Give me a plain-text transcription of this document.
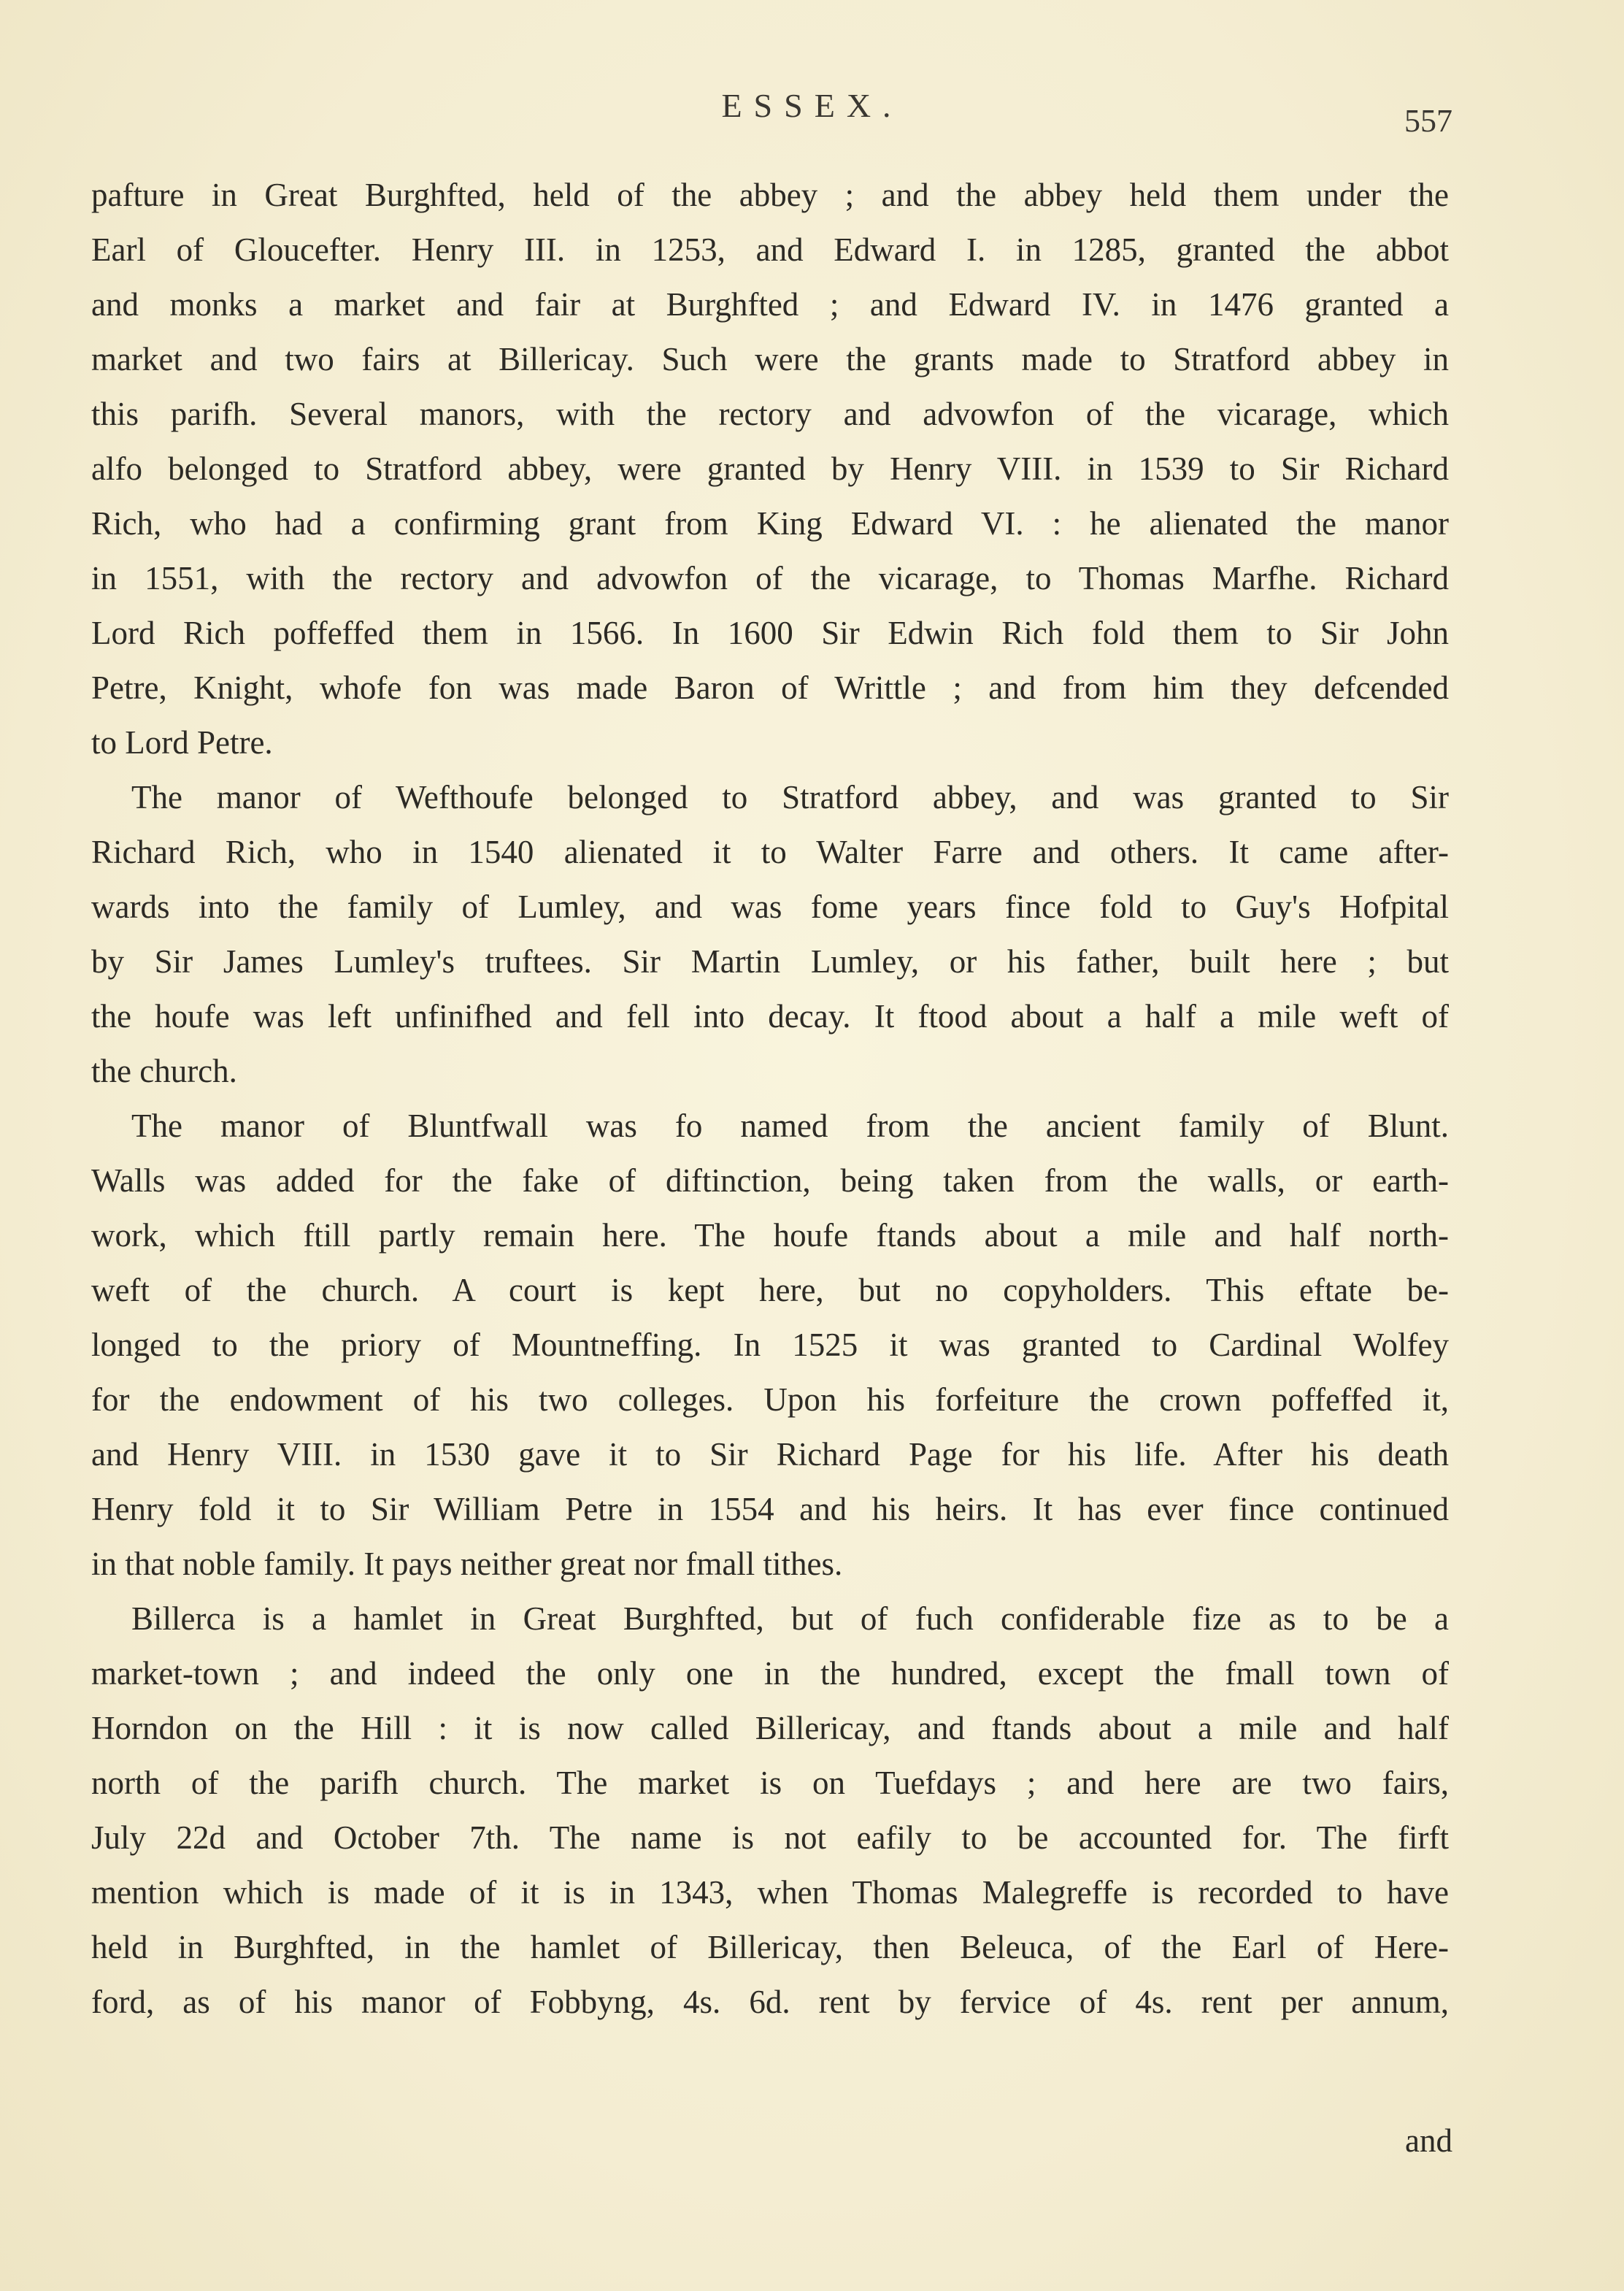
ESSEX.	557
pafture in Great Burghfted, held of the abbey ; and the abbey held them under the
Earl of Gloucefter. Henry III. in 1253, and Edward I. in 1285, granted the abbot
and monks a market and fair at Burghfted ; and Edward IV. in 1476 granted a
market and two fairs at Billericay. Such were the grants made to Stratford abbey in
this parifh. Several manors, with the rectory and advowfon of the vicarage, which
alfo belonged to Stratford abbey, were granted by Henry VIII. in 1539 to Sir Richard
Rich, who had a confirming grant from King Edward VI. : he alienated the manor
in 1551, with the rectory and advowfon of the vicarage, to Thomas Marfhe. Richard
Lord Rich poffeffed them in 1566. In 1600 Sir Edwin Rich fold them to Sir John
Petre, Knight, whofe fon was made Baron of Writtle ; and from him they defcended
to Lord Petre.
The manor of Wefthoufe belonged to Stratford abbey, and was granted to Sir
Richard Rich, who in 1540 alienated it to Walter Farre and others. It came after-
wards into the family of Lumley, and was fome years fince fold to Guy's Hofpital
by Sir James Lumley's truftees. Sir Martin Lumley, or his father, built here ; but
the houfe was left unfinifhed and fell into decay. It ftood about a half a mile weft of
the church.
The manor of Bluntfwall was fo named from the ancient family of Blunt.
Walls was added for the fake of diftinction, being taken from the walls, or earth-
work, which ftill partly remain here. The houfe ftands about a mile and half north-
weft of the church. A court is kept here, but no copyholders. This eftate be-
longed to the priory of Mountneffing. In 1525 it was granted to Cardinal Wolfey
for the endowment of his two colleges. Upon his forfeiture the crown poffeffed it,
and Henry VIII. in 1530 gave it to Sir Richard Page for his life. After his death
Henry fold it to Sir William Petre in 1554 and his heirs. It has ever fince continued
in that noble family. It pays neither great nor fmall tithes.
Billerca is a hamlet in Great Burghfted, but of fuch confiderable fize as to be a
market-town ; and indeed the only one in the hundred, except the fmall town of
Horndon on the Hill : it is now called Billericay, and ftands about a mile and half
north of the parifh church. The market is on Tuefdays ; and here are two fairs,
July 22d and October 7th. The name is not eafily to be accounted for. The firft
mention which is made of it is in 1343, when Thomas Malegreffe is recorded to have
held in Burghfted, in the hamlet of Billericay, then Beleuca, of the Earl of Here-
ford, as of his manor of Fobbyng, 4s. 6d. rent by fervice of 4s. rent per annum,
and
